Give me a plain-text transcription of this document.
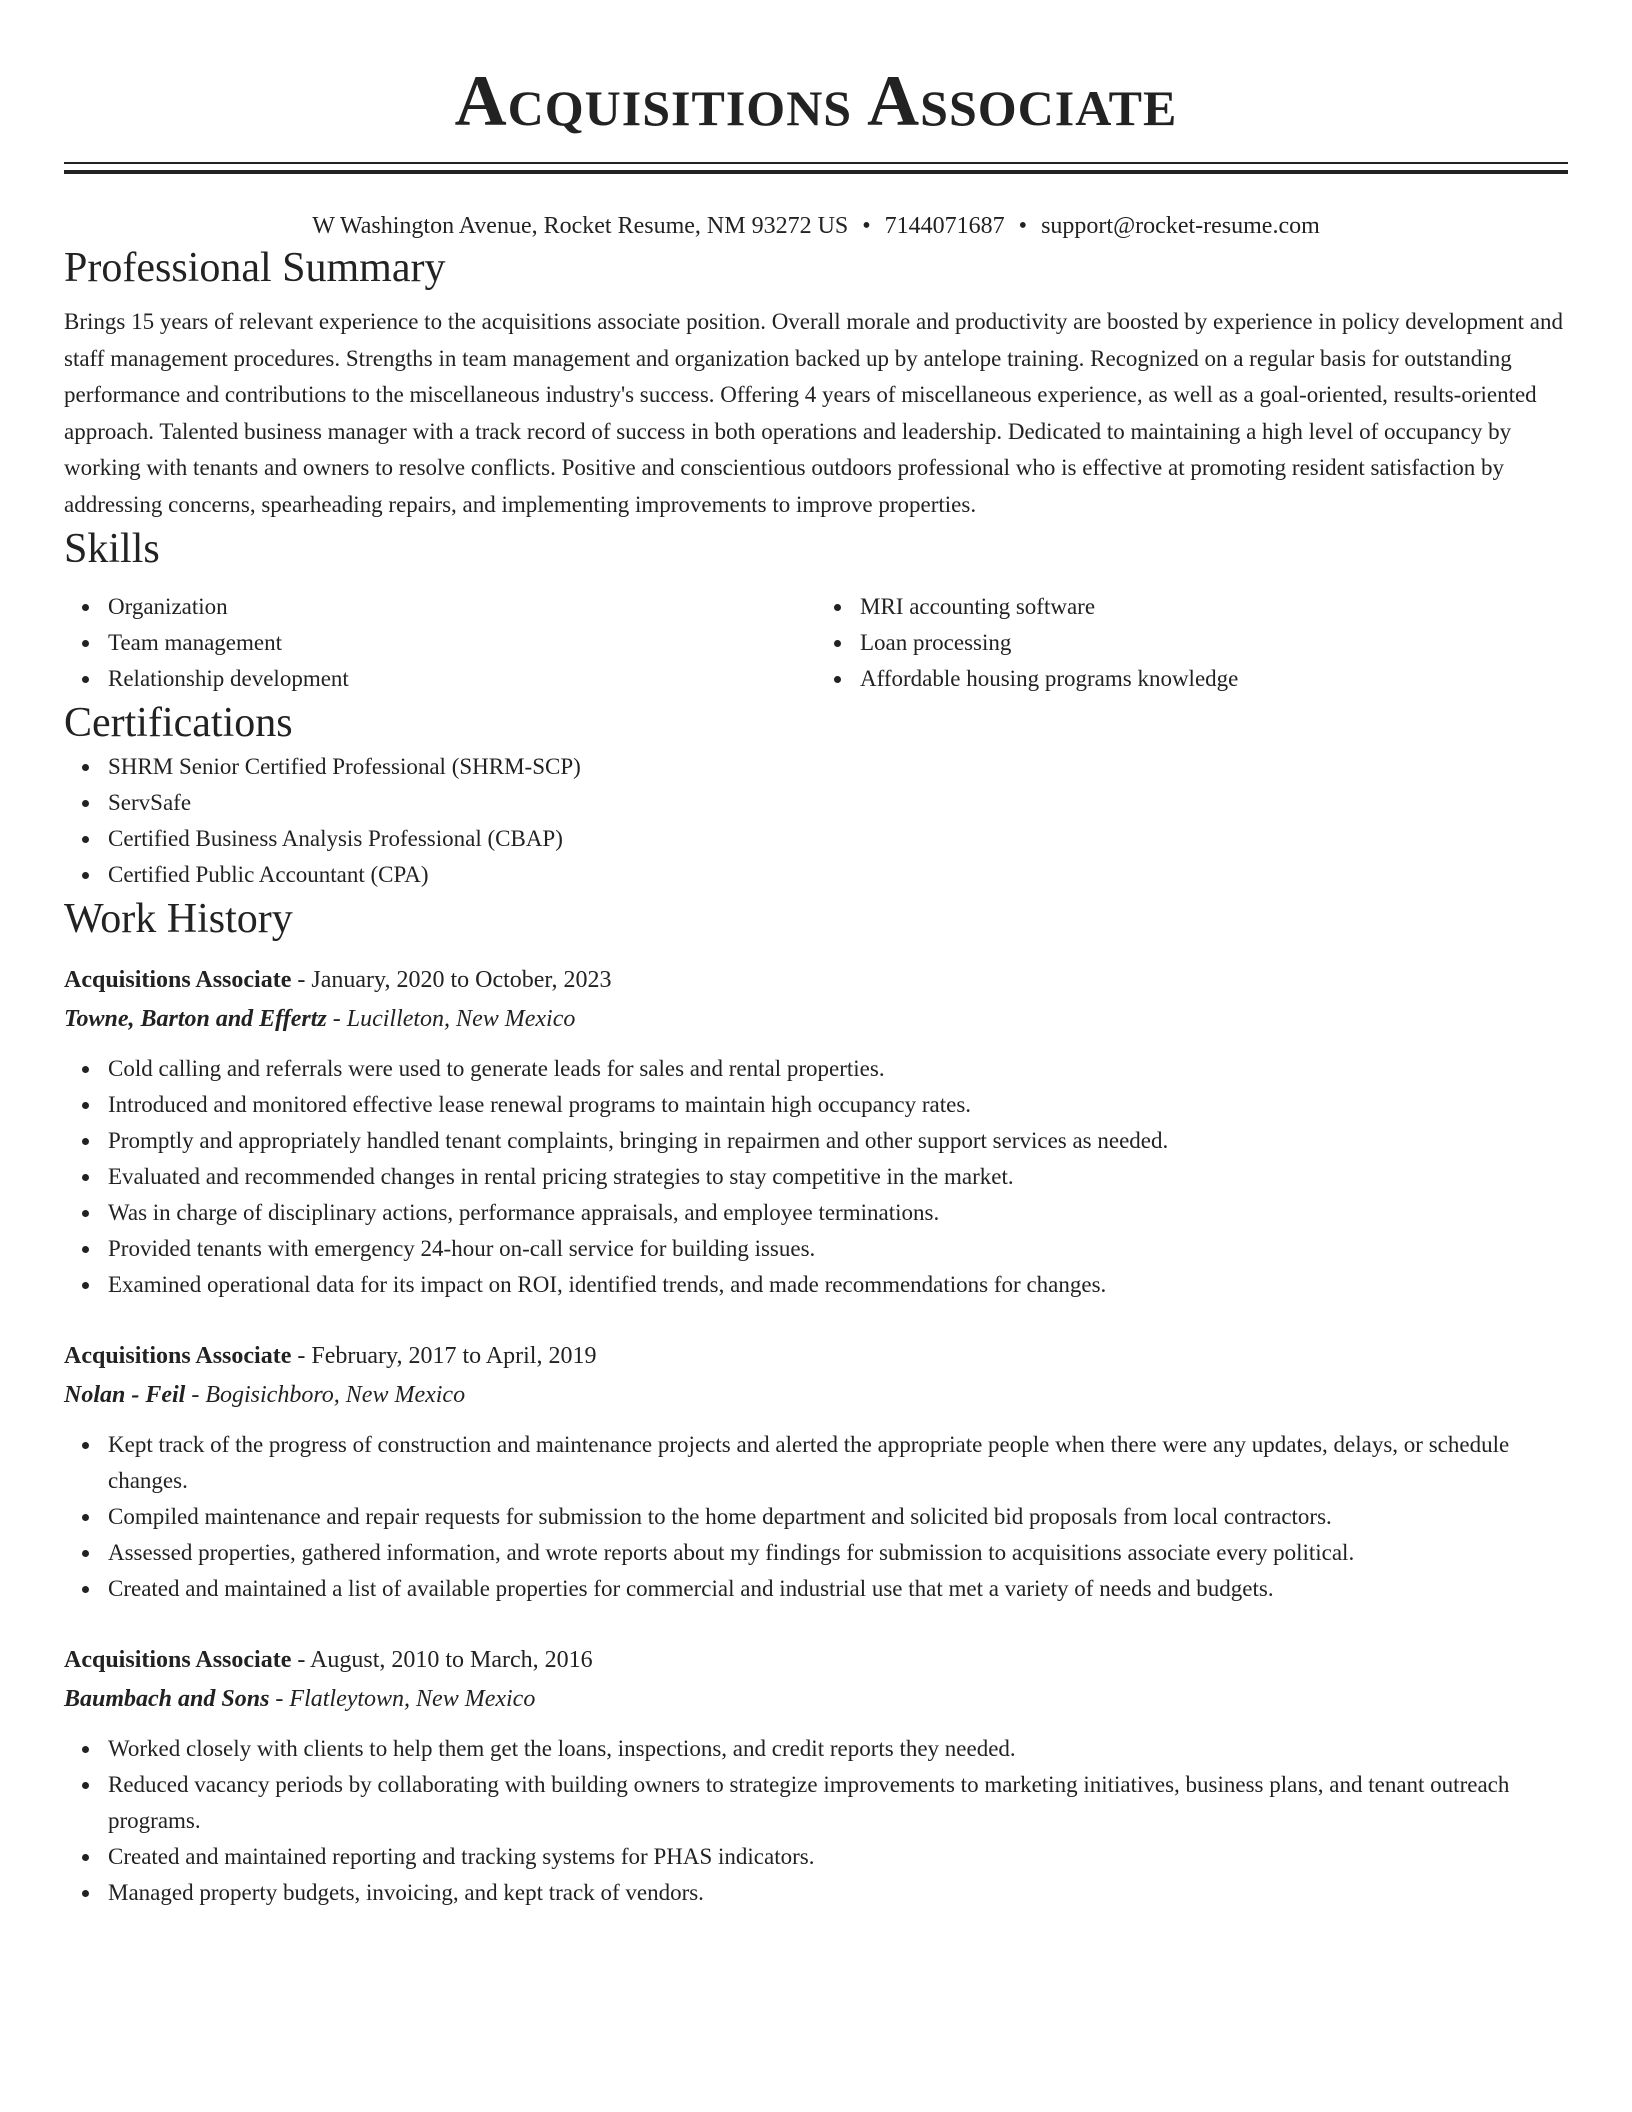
Acquisitions Associate
W Washington Avenue, Rocket Resume, NM 93272 US • 7144071687 • support@rocket-resume.com
Professional Summary
Brings 15 years of relevant experience to the acquisitions associate position. Overall morale and productivity are boosted by experience in policy development and staff management procedures. Strengths in team management and organization backed up by antelope training. Recognized on a regular basis for outstanding performance and contributions to the miscellaneous industry's success. Offering 4 years of miscellaneous experience, as well as a goal-oriented, results-oriented approach. Talented business manager with a track record of success in both operations and leadership. Dedicated to maintaining a high level of occupancy by working with tenants and owners to resolve conflicts. Positive and conscientious outdoors professional who is effective at promoting resident satisfaction by addressing concerns, spearheading repairs, and implementing improvements to improve properties.
Skills
Organization
Team management
Relationship development
MRI accounting software
Loan processing
Affordable housing programs knowledge
Certifications
SHRM Senior Certified Professional (SHRM-SCP)
ServSafe
Certified Business Analysis Professional (CBAP)
Certified Public Accountant (CPA)
Work History
Acquisitions Associate - January, 2020 to October, 2023
Towne, Barton and Effertz - Lucilleton, New Mexico
Cold calling and referrals were used to generate leads for sales and rental properties.
Introduced and monitored effective lease renewal programs to maintain high occupancy rates.
Promptly and appropriately handled tenant complaints, bringing in repairmen and other support services as needed.
Evaluated and recommended changes in rental pricing strategies to stay competitive in the market.
Was in charge of disciplinary actions, performance appraisals, and employee terminations.
Provided tenants with emergency 24-hour on-call service for building issues.
Examined operational data for its impact on ROI, identified trends, and made recommendations for changes.
Acquisitions Associate - February, 2017 to April, 2019
Nolan - Feil - Bogisichboro, New Mexico
Kept track of the progress of construction and maintenance projects and alerted the appropriate people when there were any updates, delays, or schedule changes.
Compiled maintenance and repair requests for submission to the home department and solicited bid proposals from local contractors.
Assessed properties, gathered information, and wrote reports about my findings for submission to acquisitions associate every political.
Created and maintained a list of available properties for commercial and industrial use that met a variety of needs and budgets.
Acquisitions Associate - August, 2010 to March, 2016
Baumbach and Sons - Flatleytown, New Mexico
Worked closely with clients to help them get the loans, inspections, and credit reports they needed.
Reduced vacancy periods by collaborating with building owners to strategize improvements to marketing initiatives, business plans, and tenant outreach programs.
Created and maintained reporting and tracking systems for PHAS indicators.
Managed property budgets, invoicing, and kept track of vendors.
